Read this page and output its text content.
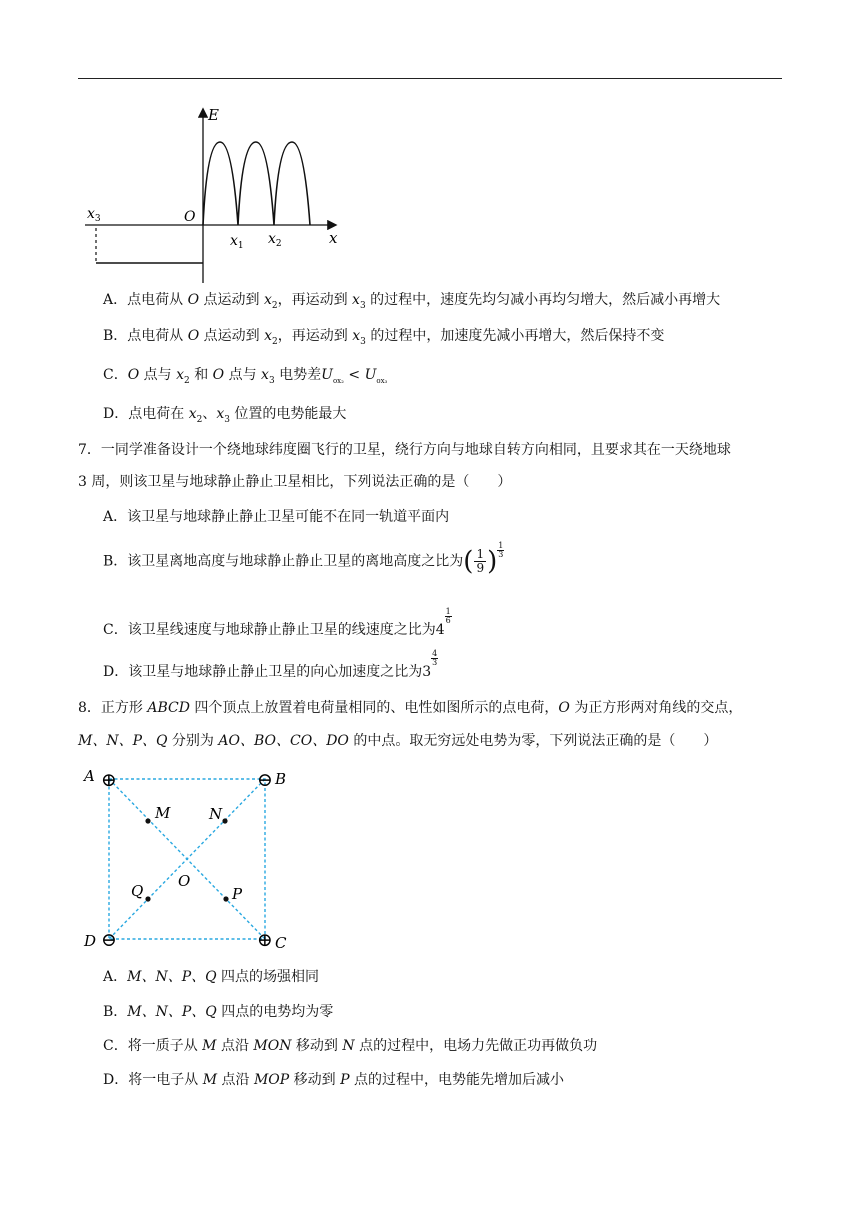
E
x
O
$x_1$ $x_2$
$x_3$
A．点电荷从 O 点运动到 $x_2$，再运动到 $x_3$ 的过程中，速度先均匀减小再均匀增大，然后减小再增大
B．点电荷从 O 点运动到 $x_2$，再运动到 $x_3$ 的过程中，加速度先减小再增大，然后保持不变
C．O 点与 $x_2$ 和 O 点与 $x_3$ 电势差$U_{ox_2} < U_{ox_3}$
D．点电荷在 $x_2$、$x_3$ 位置的电势能最大
7．一同学准备设计一个绕地球纬度圈飞行的卫星，绕行方向与地球自转方向相同，且要求其在一天绕地球
3 周，则该卫星与地球静止静止卫星相比，下列说法正确的是（　　）
A．该卫星与地球静止静止卫星可能不在同一轨道平面内
B．该卫星离地高度与地球静止静止卫星的离地高度之比为( $\frac{1}{9}$ ) $\frac{1}{3}$
C．该卫星线速度与地球静止静止卫星的线速度之比为4
$\frac{1}{6}$
D．该卫星与地球静止静止卫星的向心加速度之比为3
$\frac{4}{3}$
8．正方形 ABCD 四个顶点上放置着电荷量相同的、电性如图所示的点电荷，O 为正方形两对角线的交点，
M、N、P、Q 分别为 AO、BO、CO、DO 的中点。取无穷远处电势为零，下列说法正确的是（　　）
⊕	⊖
⊕
⊖
A	B
C
D
M	N
O
P
Q
A．M、N、P、Q 四点的场强相同
B．M、N、P、Q 四点的电势均为零
C．将一质子从 M 点沿 MON 移动到 N 点的过程中，电场力先做正功再做负功
D．将一电子从 M 点沿 MOP 移动到 P 点的过程中，电势能先增加后减小
